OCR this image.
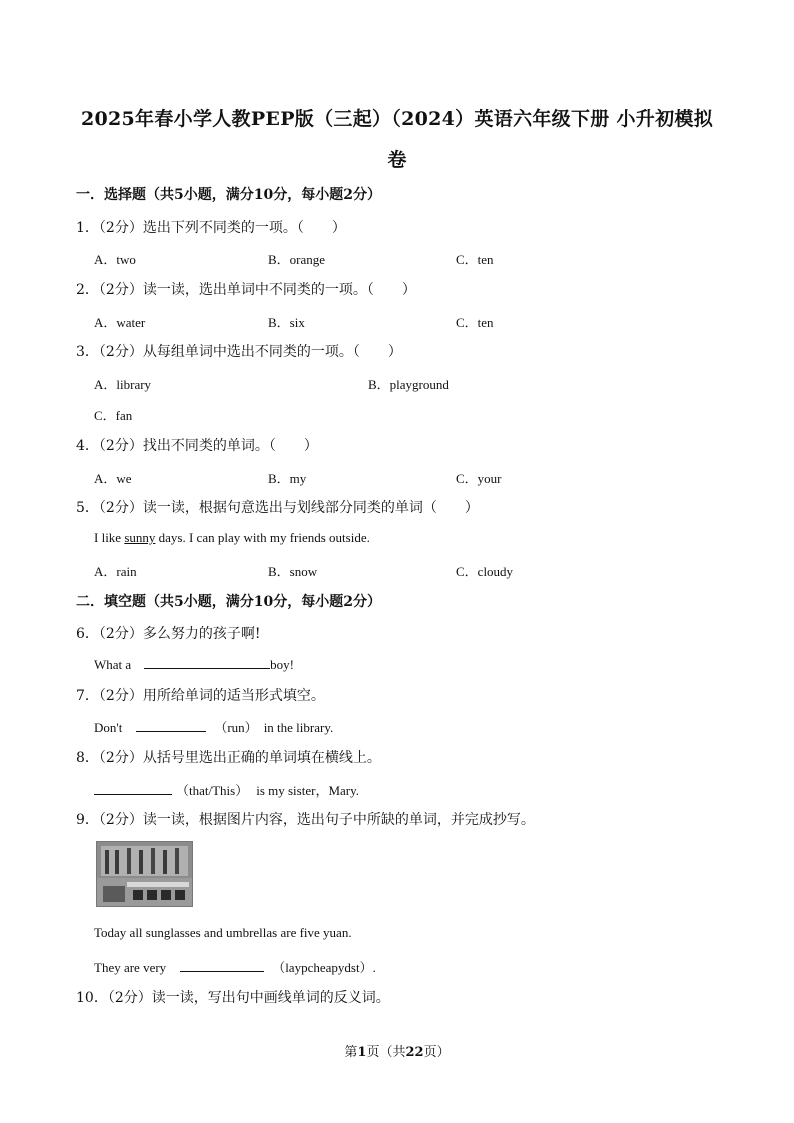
2025年春小学人教PEP版（三起）（2024）英语六年级下册 小升初模拟
卷
一．选择题（共5小题，满分10分，每小题2分）
1．（2分）选出下列不同类的一项。（　　）
A．two	B．orange	C．ten
2．（2分）读一读，选出单词中不同类的一项。（　　）
A．water	B．six	C．ten
3．（2分）从每组单词中选出不同类的一项。（　　）
A．library	B．playground
C．fan
4．（2分）找出不同类的单词。（　　）
A．we	B．my	C．your
5．（2分）读一读，根据句意选出与划线部分同类的单词（　　）
I like sunny days. I can play with my friends outside.
A．rain	B．snow	C．cloudy
二．填空题（共5小题，满分10分，每小题2分）
6．（2分）多么努力的孩子啊!
What a	boy!
7．（2分）用所给单词的适当形式填空。
Don't	（run） in the library.
8．（2分）从括号里选出正确的单词填在横线上。
（that/This） is my sister，Mary.
9．（2分）读一读，根据图片内容，选出句子中所缺的单词，并完成抄写。
Today all sunglasses and umbrellas are five yuan.
They are very	（laypcheapydst）.
10．（2分）读一读，写出句中画线单词的反义词。
第1页（共22页）
